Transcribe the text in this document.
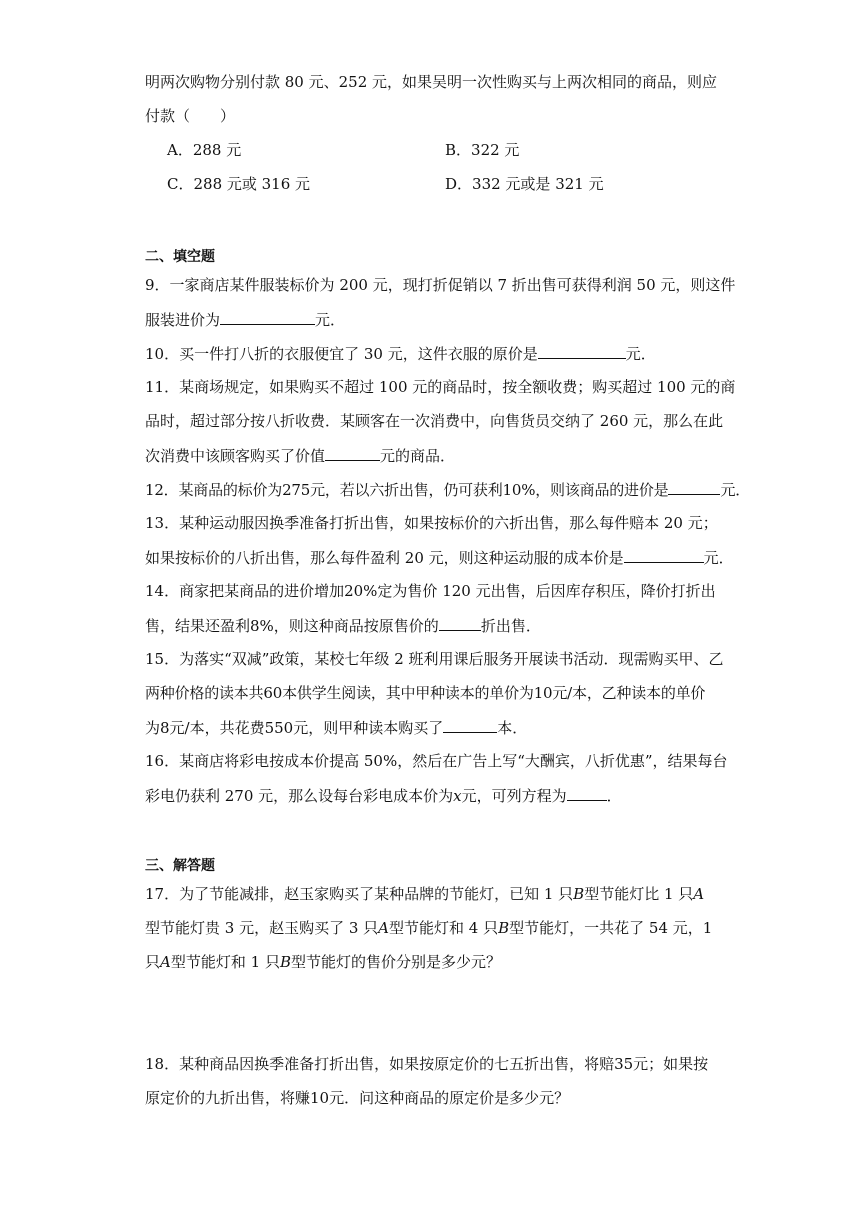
明两次购物分别付款 80 元、252 元，如果吴明一次性购买与上两次相同的商品，则应
付款（　　）
A．288 元	B．322 元
C．288 元或 316 元	D．332 元或是 321 元
二、填空题
9．一家商店某件服装标价为 200 元，现打折促销以 7 折出售可获得利润 50 元，则这件
服装进价为	元．
10．买一件打八折的衣服便宜了 30 元，这件衣服的原价是	元．
11．某商场规定，如果购买不超过 100 元的商品时，按全额收费；购买超过 100 元的商
品时，超过部分按八折收费．某顾客在一次消费中，向售货员交纳了 260 元，那么在此
次消费中该顾客购买了价值	元的商品．
12．某商品的标价为275元，若以六折出售，仍可获利10%，则该商品的进价是	元．
13．某种运动服因换季准备打折出售，如果按标价的六折出售，那么每件赔本 20 元；
如果按标价的八折出售，那么每件盈利 20 元，则这种运动服的成本价是	元．
14．商家把某商品的进价增加20%定为售价 120 元出售，后因库存积压，降价打折出
售，结果还盈利8%，则这种商品按原售价的	折出售．
15．为落实“双减”政策，某校七年级 2 班利用课后服务开展读书活动．现需购买甲、乙
两种价格的读本共60本供学生阅读，其中甲种读本的单价为10元/本，乙种读本的单价
为8元/本，共花费550元，则甲种读本购买了	本．
16．某商店将彩电按成本价提高 50%，然后在广告上写“大酬宾，八折优惠”，结果每台
彩电仍获利 270 元，那么设每台彩电成本价为x元，可列方程为	．
三、解答题
17．为了节能减排，赵玉家购买了某种品牌的节能灯，已知 1 只B型节能灯比 1 只A
型节能灯贵 3 元，赵玉购买了 3 只A型节能灯和 4 只B型节能灯，一共花了 54 元，1
只A型节能灯和 1 只B型节能灯的售价分别是多少元？
18．某种商品因换季准备打折出售，如果按原定价的七五折出售，将赔35元；如果按
原定价的九折出售，将赚10元．问这种商品的原定价是多少元？
